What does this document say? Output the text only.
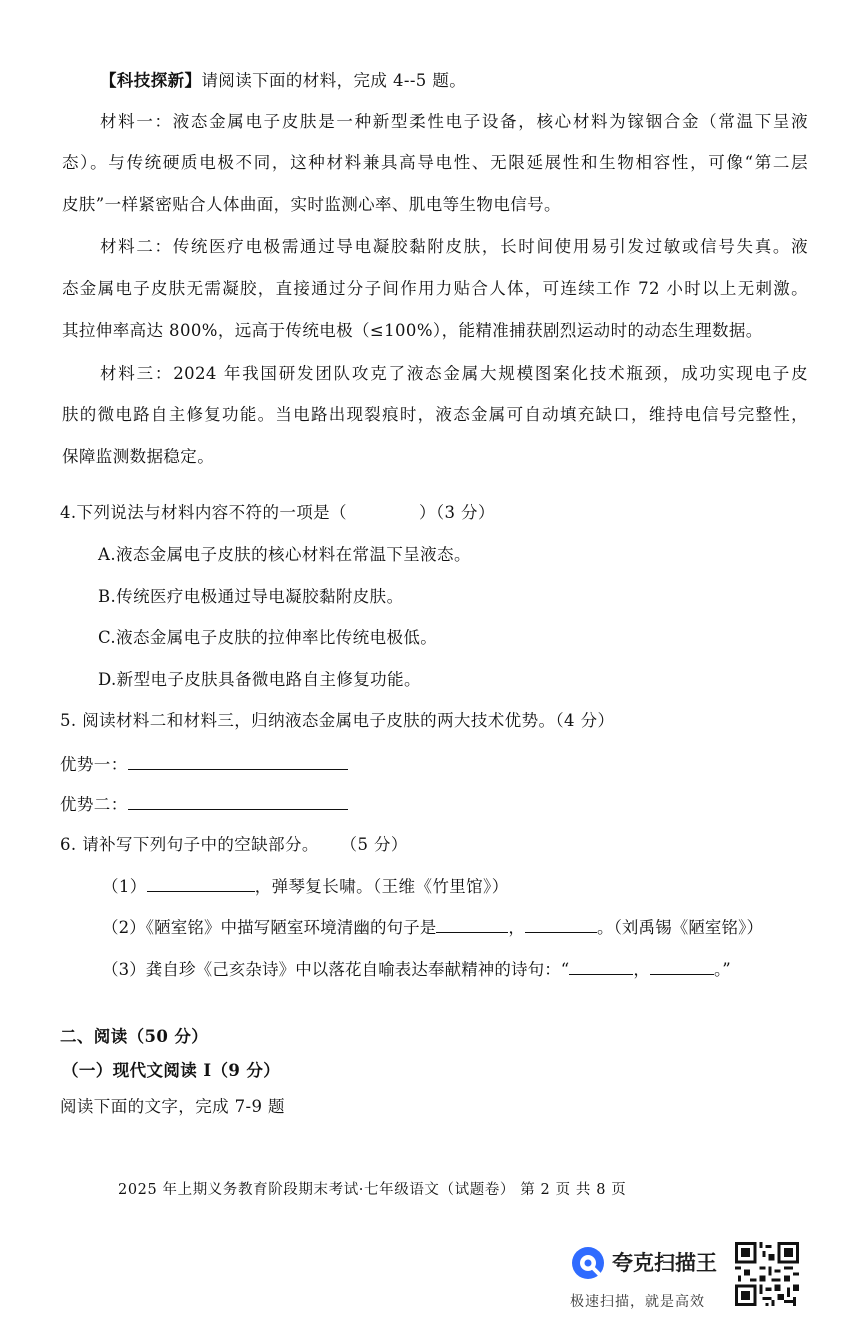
【科技探新】请阅读下面的材料，完成 4--5 题。
材料一：液态金属电子皮肤是一种新型柔性电子设备，核心材料为镓铟合金（常温下呈液
态）。与传统硬质电极不同，这种材料兼具高导电性、无限延展性和生物相容性，可像“第二层
皮肤”一样紧密贴合人体曲面，实时监测心率、肌电等生物电信号。
材料二：传统医疗电极需通过导电凝胶黏附皮肤，长时间使用易引发过敏或信号失真。液
态金属电子皮肤无需凝胶，直接通过分子间作用力贴合人体，可连续工作 72 小时以上无刺激。
其拉伸率高达 800%，远高于传统电极（≤100%），能精准捕获剧烈运动时的动态生理数据。
材料三：2024 年我国研发团队攻克了液态金属大规模图案化技术瓶颈，成功实现电子皮
肤的微电路自主修复功能。当电路出现裂痕时，液态金属可自动填充缺口，维持电信号完整性，
保障监测数据稳定。
4.下列说法与材料内容不符的一项是（	）（3 分）
A.液态金属电子皮肤的核心材料在常温下呈液态。
B.传统医疗电极通过导电凝胶黏附皮肤。
C.液态金属电子皮肤的拉伸率比传统电极低。
D.新型电子皮肤具备微电路自主修复功能。
5. 阅读材料二和材料三，归纳液态金属电子皮肤的两大技术优势。（4 分）
优势一：
优势二：
6. 请补写下列句子中的空缺部分。 （5 分）
（1）	，弹琴复长啸。（王维《竹里馆》）
（2）《陋室铭》中描写陋室环境清幽的句子是	，	。（刘禹锡《陋室铭》）
（3）龚自珍《己亥杂诗》中以落花自喻表达奉献精神的诗句：“	，	。”
二、阅读（50 分）
（一）现代文阅读 I（9 分）
阅读下面的文字，完成 7-9 题
2025 年上期义务教育阶段期末考试·七年级语文（试题卷） 第 2 页 共 8 页
夸克扫描王
极速扫描，就是高效
